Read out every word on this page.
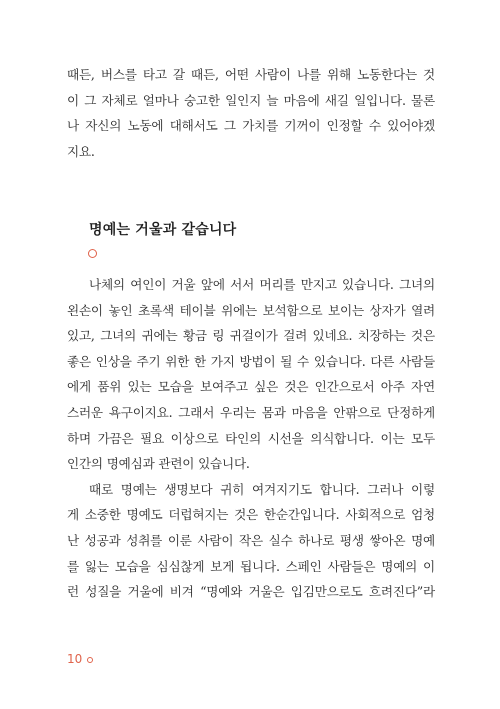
때든, 버스를 타고 갈 때든, 어떤 사람이 나를 위해 노동한다는 것
이 그 자체로 얼마나 숭고한 일인지 늘 마음에 새길 일입니다. 물론
나 자신의 노동에 대해서도 그 가치를 기꺼이 인정할 수 있어야겠
지요.
명예는 거울과 같습니다
나체의 여인이 거울 앞에 서서 머리를 만지고 있습니다. 그녀의
왼손이 놓인 초록색 테이블 위에는 보석함으로 보이는 상자가 열려
있고, 그녀의 귀에는 황금 링 귀걸이가 걸려 있네요. 치장하는 것은
좋은 인상을 주기 위한 한 가지 방법이 될 수 있습니다. 다른 사람들
에게 품위 있는 모습을 보여주고 싶은 것은 인간으로서 아주 자연
스러운 욕구이지요. 그래서 우리는 몸과 마음을 안팎으로 단정하게
하며 가끔은 필요 이상으로 타인의 시선을 의식합니다. 이는 모두
인간의 명예심과 관련이 있습니다.
때로 명예는 생명보다 귀히 여겨지기도 합니다. 그러나 이렇
게 소중한 명예도 더럽혀지는 것은 한순간입니다. 사회적으로 엄청
난 성공과 성취를 이룬 사람이 작은 실수 하나로 평생 쌓아온 명예
를 잃는 모습을 심심찮게 보게 됩니다. 스페인 사람들은 명예의 이
런 성질을 거울에 비겨 “명예와 거울은 입김만으로도 흐려진다”라
10
